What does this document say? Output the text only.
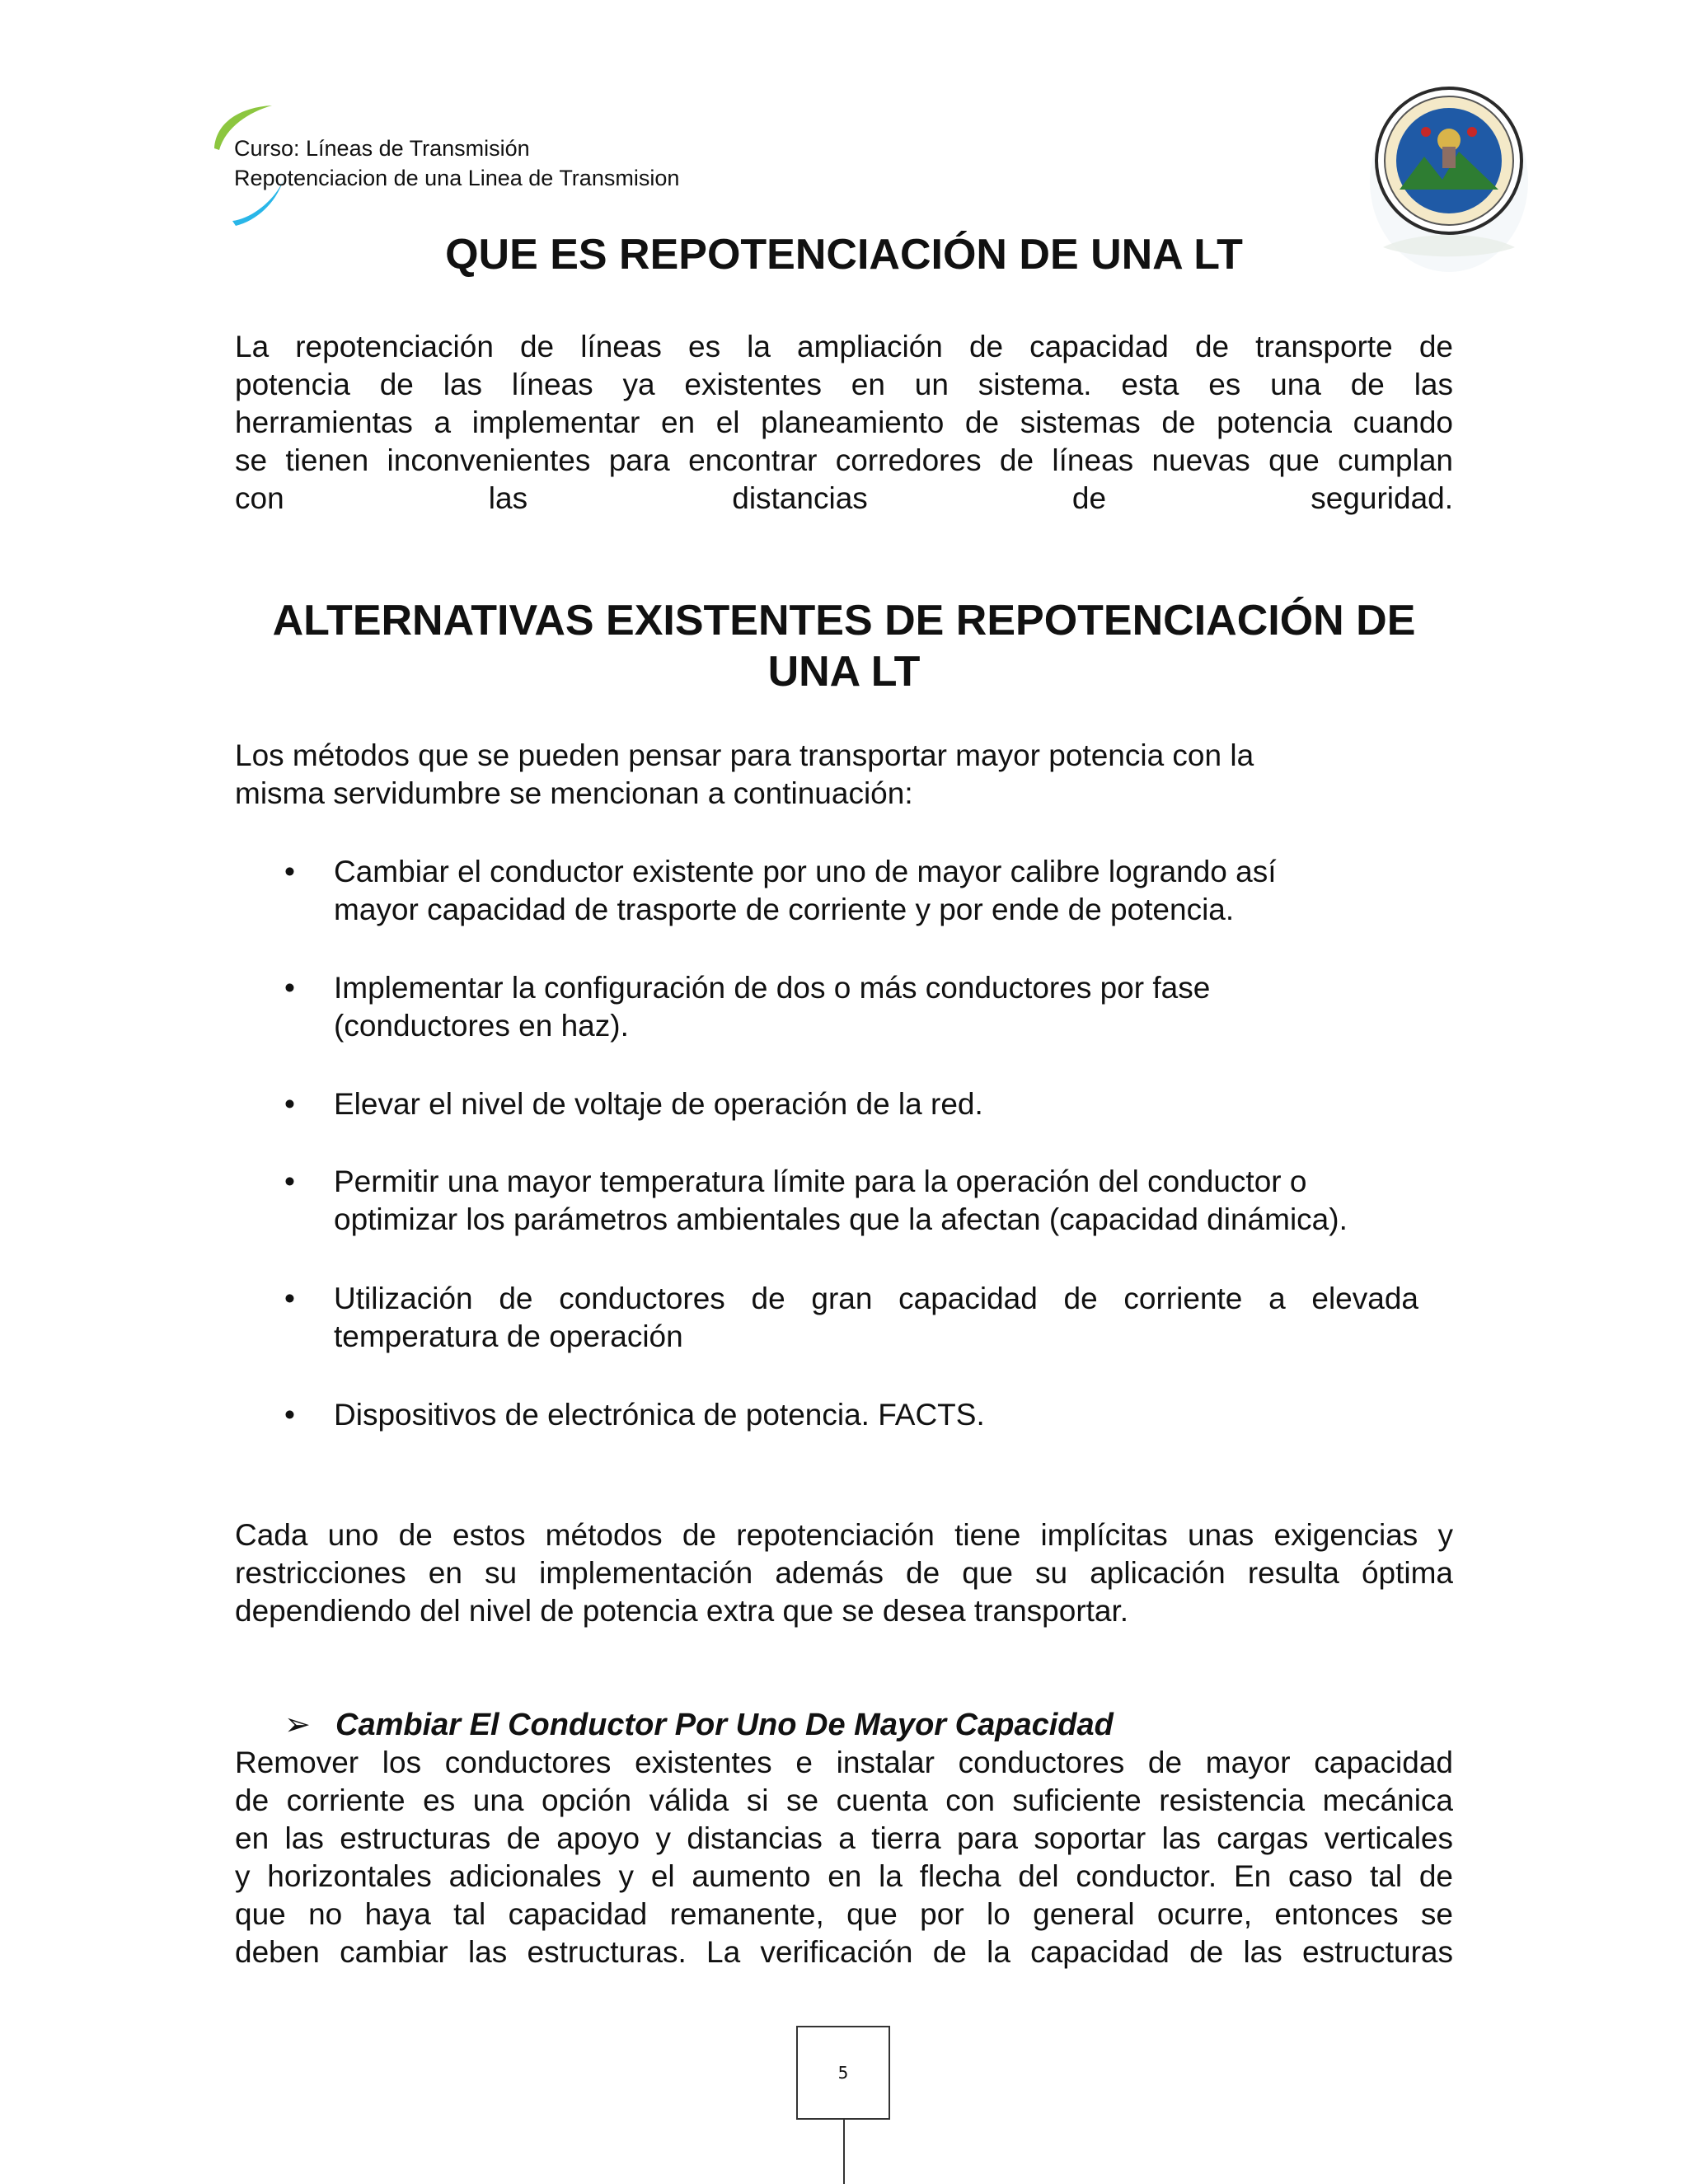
Curso: Líneas de Transmisión
Repotenciacion de una Linea de Transmision
QUE ES REPOTENCIACIÓN DE UNA LT
La repotenciación de líneas es la ampliación de capacidad de transporte de
potencia de las líneas ya existentes en un sistema. esta es una de las
herramientas a implementar en el planeamiento de sistemas de potencia cuando
se tienen inconvenientes para encontrar corredores de líneas nuevas que cumplan
con las distancias de seguridad.
ALTERNATIVAS EXISTENTES DE REPOTENCIACIÓN DE
UNA LT
Los métodos que se pueden pensar para transportar mayor potencia con la
misma servidumbre se mencionan a continuación:
•	Cambiar el conductor existente por uno de mayor calibre logrando así
mayor capacidad de trasporte de corriente y por ende de potencia.
•	Implementar la configuración de dos o más conductores por fase
(conductores en haz).
•	Elevar el nivel de voltaje de operación de la red.
•	Permitir una mayor temperatura límite para la operación del conductor o
optimizar los parámetros ambientales que la afectan (capacidad dinámica).
•	Utilización de conductores de gran capacidad de corriente a elevada
temperatura de operación
•	Dispositivos de electrónica de potencia. FACTS.
Cada uno de estos métodos de repotenciación tiene implícitas unas exigencias y
restricciones en su implementación además de que su aplicación resulta óptima
dependiendo del nivel de potencia extra que se desea transportar.
➢ Cambiar El Conductor Por Uno De Mayor Capacidad
Remover los conductores existentes e instalar conductores de mayor capacidad
de corriente es una opción válida si se cuenta con suficiente resistencia mecánica
en las estructuras de apoyo y distancias a tierra para soportar las cargas verticales
y horizontales adicionales y el aumento en la flecha del conductor. En caso tal de
que no haya tal capacidad remanente, que por lo general ocurre, entonces se
deben cambiar las estructuras. La verificación de la capacidad de las estructuras
5
